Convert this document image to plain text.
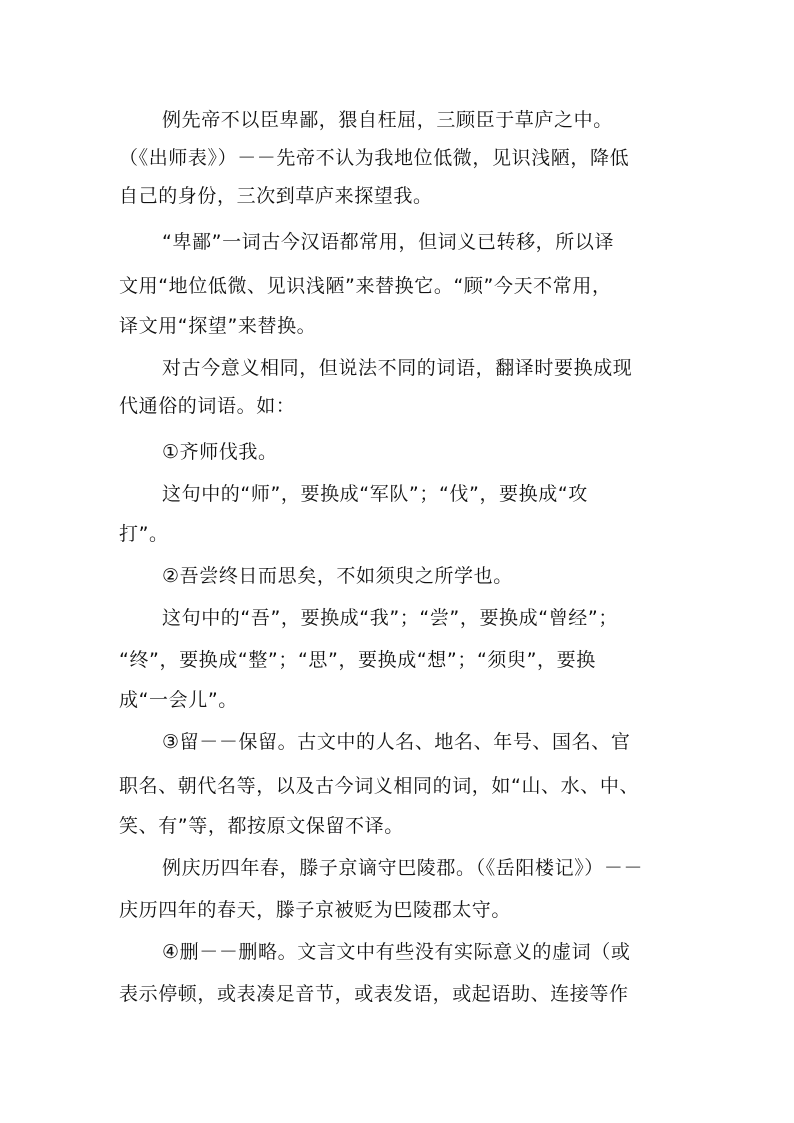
例先帝不以臣卑鄙，猥自枉屈，三顾臣于草庐之中。
（《出师表》）－－先帝不认为我地位低微，见识浅陋，降低
自己的身份，三次到草庐来探望我。
“卑鄙”一词古今汉语都常用，但词义已转移，所以译
文用“地位低微、见识浅陋”来替换它。“顾”今天不常用，
译文用“探望”来替换。
对古今意义相同，但说法不同的词语，翻译时要换成现
代通俗的词语。如：
①齐师伐我。
这句中的“师”，要换成“军队”；“伐”，要换成“攻
打”。
②吾尝终日而思矣，不如须臾之所学也。
这句中的“吾”，要换成“我”；“尝”，要换成“曾经”；
“终”，要换成“整”；“思”，要换成“想”；“须臾”，要换
成“一会儿”。
③留－－保留。古文中的人名、地名、年号、国名、官
职名、朝代名等，以及古今词义相同的词，如“山、水、中、
笑、有”等，都按原文保留不译。
例庆历四年春，滕子京谪守巴陵郡。（《岳阳楼记》）－－
庆历四年的春天，滕子京被贬为巴陵郡太守。
④删－－删略。文言文中有些没有实际意义的虚词（或
表示停顿，或表凑足音节，或表发语，或起语助、连接等作
